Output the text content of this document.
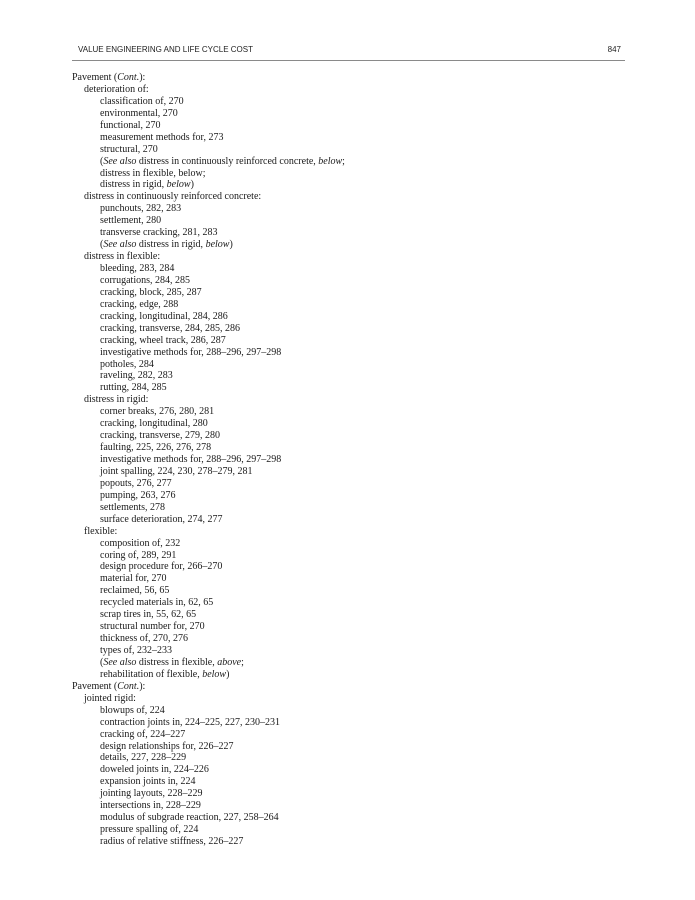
VALUE ENGINEERING AND LIFE CYCLE COST	847
Pavement (Cont.):
deterioration of:
classification of, 270
environmental, 270
functional, 270
measurement methods for, 273
structural, 270
(See also distress in continuously reinforced concrete, below;
distress in flexible, below;
distress in rigid, below)
distress in continuously reinforced concrete:
punchouts, 282, 283
settlement, 280
transverse cracking, 281, 283
(See also distress in rigid, below)
distress in flexible:
bleeding, 283, 284
corrugations, 284, 285
cracking, block, 285, 287
cracking, edge, 288
cracking, longitudinal, 284, 286
cracking, transverse, 284, 285, 286
cracking, wheel track, 286, 287
investigative methods for, 288–296, 297–298
potholes, 284
raveling, 282, 283
rutting, 284, 285
distress in rigid:
corner breaks, 276, 280, 281
cracking, longitudinal, 280
cracking, transverse, 279, 280
faulting, 225, 226, 276, 278
investigative methods for, 288–296, 297–298
joint spalling, 224, 230, 278–279, 281
popouts, 276, 277
pumping, 263, 276
settlements, 278
surface deterioration, 274, 277
flexible:
composition of, 232
coring of, 289, 291
design procedure for, 266–270
material for, 270
reclaimed, 56, 65
recycled materials in, 62, 65
scrap tires in, 55, 62, 65
structural number for, 270
thickness of, 270, 276
types of, 232–233
(See also distress in flexible, above;
rehabilitation of flexible, below)
Pavement (Cont.):
jointed rigid:
blowups of, 224
contraction joints in, 224–225, 227, 230–231
cracking of, 224–227
design relationships for, 226–227
details, 227, 228–229
doweled joints in, 224–226
expansion joints in, 224
jointing layouts, 228–229
intersections in, 228–229
modulus of subgrade reaction, 227, 258–264
pressure spalling of, 224
radius of relative stiffness, 226–227
